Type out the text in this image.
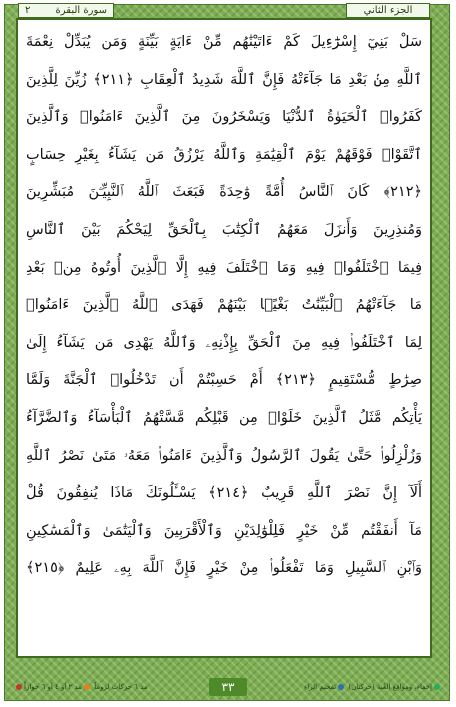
الجزء الثاني
٢	سورة البقرة
سَلْ بَنِيٓ إِسْرَٰٓءِيلَ كَمْ ءَاتَيْنَٰهُم مِّنْ ءَايَةٍ بَيِّنَةٍ وَمَن يُبَدِّلْ نِعْمَةَ
ٱللَّهِ مِنۢ بَعْدِ مَا جَآءَتْهُ فَإِنَّ ٱللَّهَ شَدِيدُ ٱلْعِقَابِ ﴿٢١١﴾ زُيِّنَ لِلَّذِينَ
كَفَرُوا۟ ٱلْحَيَوٰةُ ٱلدُّنْيَا وَيَسْخَرُونَ مِنَ ٱلَّذِينَ ءَامَنُوا۟ وَٱلَّذِينَ
ٱتَّقَوْا۟ فَوْقَهُمْ يَوْمَ ٱلْقِيَٰمَةِ وَٱللَّهُ يَرْزُقُ مَن يَشَآءُ بِغَيْرِ حِسَابٍ
﴿٢١٢﴾ كَانَ ٱلنَّاسُ أُمَّةً وَٰحِدَةً فَبَعَثَ ٱللَّهُ ٱلنَّبِيِّـۧنَ مُبَشِّرِينَ
وَمُنذِرِينَ وَأَنزَلَ مَعَهُمُ ٱلْكِتَٰبَ بِٱلْحَقِّ لِيَحْكُمَ بَيْنَ ٱلنَّاسِ
فِيمَا ٱخْتَلَفُوا۟ فِيهِ وَمَا ٱخْتَلَفَ فِيهِ إِلَّا ٱلَّذِينَ أُوتُوهُ مِنۢ بَعْدِ
مَا جَآءَتْهُمُ ٱلْبَيِّنَٰتُ بَغْيًۢا بَيْنَهُمْ فَهَدَى ٱللَّهُ ٱلَّذِينَ ءَامَنُوا۟
لِمَا ٱخْتَلَفُوا۟ فِيهِ مِنَ ٱلْحَقِّ بِإِذْنِهِۦ وَٱللَّهُ يَهْدِى مَن يَشَآءُ إِلَىٰ
صِرَٰطٍ مُّسْتَقِيمٍ ﴿٢١٣﴾ أَمْ حَسِبْتُمْ أَن تَدْخُلُوا۟ ٱلْجَنَّةَ وَلَمَّا
يَأْتِكُم مَّثَلُ ٱلَّذِينَ خَلَوْا۟ مِن قَبْلِكُم مَّسَّتْهُمُ ٱلْبَأْسَآءُ وَٱلضَّرَّآءُ
وَزُلْزِلُوا۟ حَتَّىٰ يَقُولَ ٱلرَّسُولُ وَٱلَّذِينَ ءَامَنُوا۟ مَعَهُۥ مَتَىٰ نَصْرُ ٱللَّهِ
أَلَآ إِنَّ نَصْرَ ٱللَّهِ قَرِيبٌ ﴿٢١٤﴾ يَسْـَٔلُونَكَ مَاذَا يُنفِقُونَ قُلْ
مَآ أَنفَقْتُم مِّنْ خَيْرٍ فَلِلْوَٰلِدَيْنِ وَٱلْأَقْرَبِينَ وَٱلْيَتَٰمَىٰ وَٱلْمَسَٰكِينِ
وَٱبْنِ ٱلسَّبِيلِ وَمَا تَفْعَلُوا۟ مِنْ خَيْرٍ فَإِنَّ ٱللَّهَ بِهِۦ عَلِيمٌ ﴿٢١٥﴾
مد ٦ حركات لزوماً مد ٢ أو ٤ أو ٦ جوازاً	٣٣	إخفاء، ومواقع الغُنة (حركتان) تفخيم الراء
